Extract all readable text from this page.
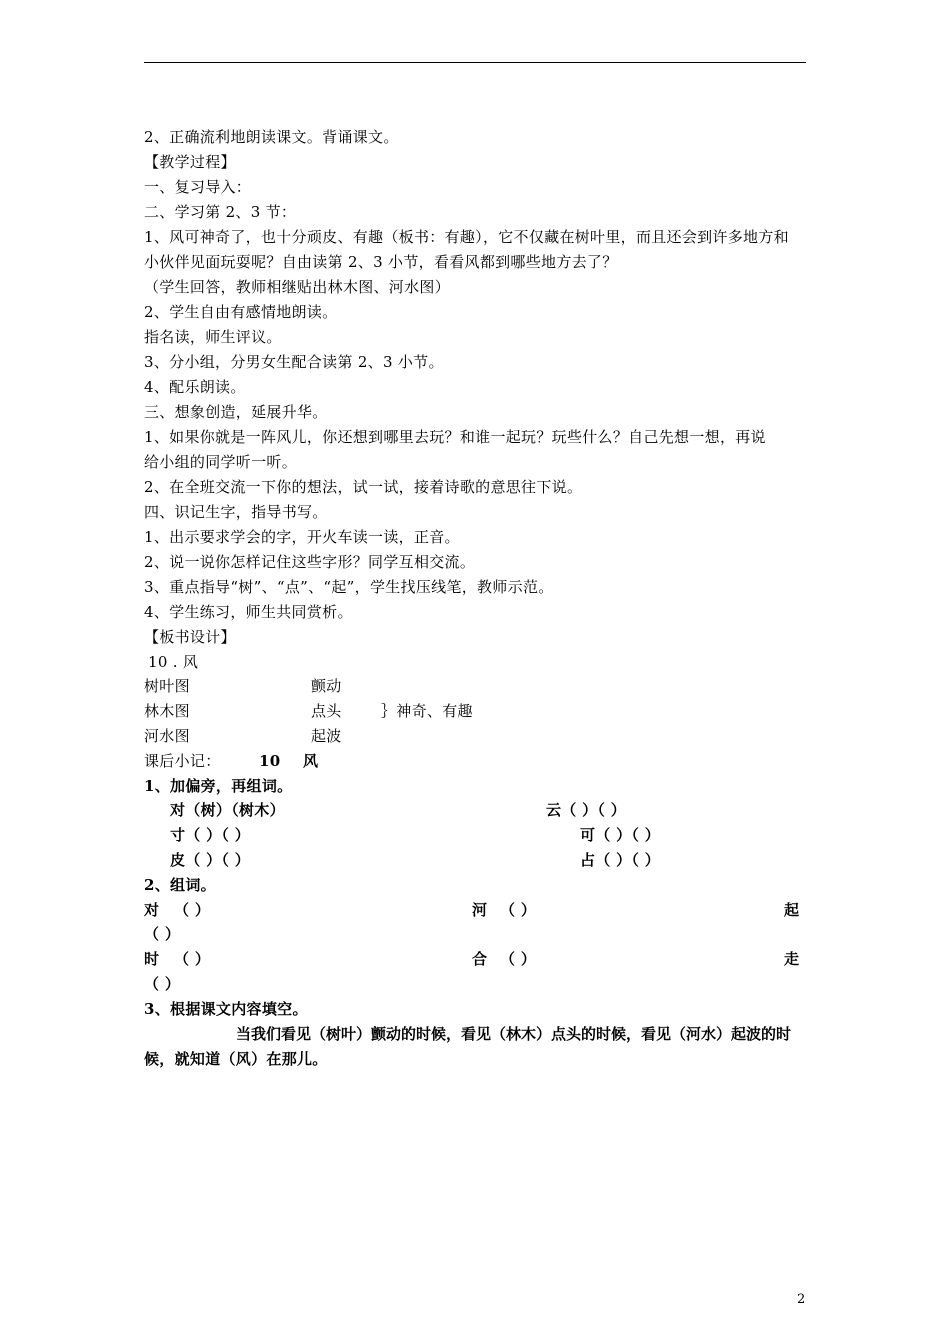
2、正确流利地朗读课文。背诵课文。
【教学过程】
一、复习导入：
二、学习第 2、3 节：
1、风可神奇了，也十分顽皮、有趣（板书：有趣），它不仅藏在树叶里，而且还会到许多地方和
小伙伴见面玩耍呢？自由读第 2、3 小节，看看风都到哪些地方去了？
（学生回答，教师相继贴出林木图、河水图）
2、学生自由有感情地朗读。
指名读，师生评议。
3、分小组，分男女生配合读第 2、3 小节。
4、配乐朗读。
三、想象创造，延展升华。
1、如果你就是一阵风儿，你还想到哪里去玩？和谁一起玩？玩些什么？自己先想一想，再说
给小组的同学听一听。
2、在全班交流一下你的想法，试一试，接着诗歌的意思往下说。
四、识记生字，指导书写。
1、出示要求学会的字，开火车读一读，正音。
2、说一说你怎样记住这些字形？同学互相交流。
3、重点指导“树”、“点”、“起”，学生找压线笔，教师示范。
4、学生练习，师生共同赏析。
【板书设计】
10 . 风
树叶图	颤动
林木图	点头	｝神奇、有趣
河水图	起波
课后小记：	10 风
1、加偏旁，再组词。
对（树）（树木）	云（ ）（ ）
寸（ ）（ ）	可（ ）（ ）
皮（ ）（ ）	占（ ）（ ）
2、组词。
对 （ ）	河 （ ）	起
（ ）
时 （ ）	合 （ ）	走
（ ）
3、根据课文内容填空。
当我们看见（树叶）颤动的时候，看见（林木）点头的时候，看见（河水）起波的时
候，就知道（风）在那儿。
2
